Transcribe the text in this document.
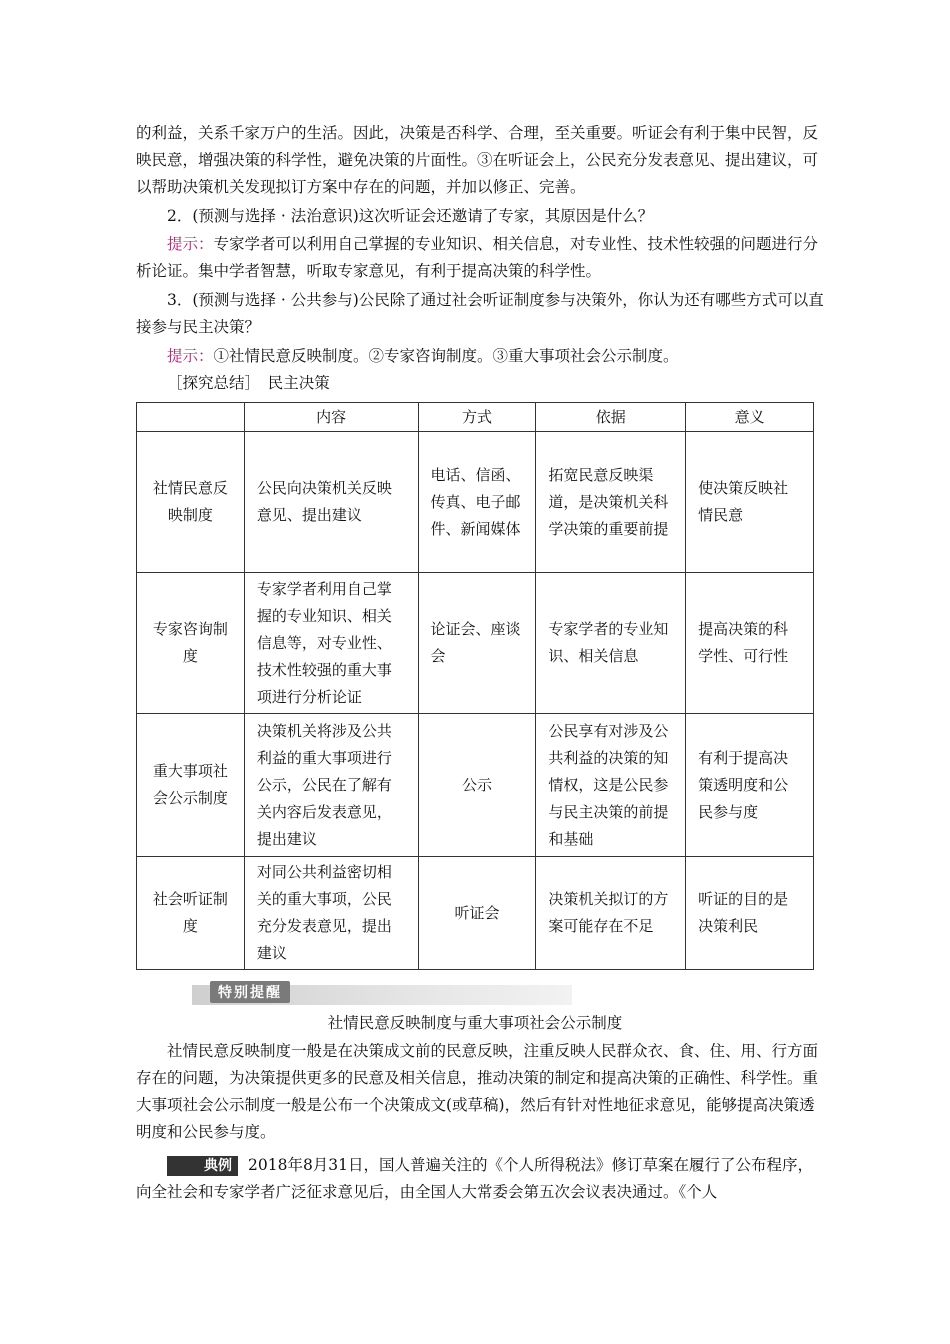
的利益，关系千家万户的生活。因此，决策是否科学、合理，至关重要。听证会有利于集中民智，反映民意，增强决策的科学性，避免决策的片面性。③在听证会上，公民充分发表意见、提出建议，可以帮助决策机关发现拟订方案中存在的问题，并加以修正、完善。

2．(预测与选择 · 法治意识)这次听证会还邀请了专家，其原因是什么？

提示：专家学者可以利用自己掌握的专业知识、相关信息，对专业性、技术性较强的问题进行分析论证。集中学者智慧，听取专家意见，有利于提高决策的科学性。

3．(预测与选择 · 公共参与)公民除了通过社会听证制度参与决策外，你认为还有哪些方式可以直接参与民主决策？

提示：①社情民意反映制度。②专家咨询制度。③重大事项社会公示制度。

［探究总结］　民主决策

	内容	方式	依据	意义
社情民意反映制度	公民向决策机关反映意见、提出建议	电话、信函、传真、电子邮件、新闻媒体	拓宽民意反映渠道，是决策机关科学决策的重要前提	使决策反映社情民意
专家咨询制度	专家学者利用自己掌握的专业知识、相关信息等，对专业性、技术性较强的重大事项进行分析论证	论证会、座谈会	专家学者的专业知识、相关信息	提高决策的科学性、可行性
重大事项社会公示制度	决策机关将涉及公共利益的重大事项进行公示，公民在了解有关内容后发表意见，提出建议	公示	公民享有对涉及公共利益的决策的知情权，这是公民参与民主决策的前提和基础	有利于提高决策透明度和公民参与度
社会听证制度	对同公共利益密切相关的重大事项，公民充分发表意见，提出建议	听证会	决策机关拟订的方案可能存在不足	听证的目的是决策利民
特别提醒
社情民意反映制度与重大事项社会公示制度

社情民意反映制度一般是在决策成文前的民意反映，注重反映人民群众衣、食、住、用、行方面存在的问题，为决策提供更多的民意及相关信息，推动决策的制定和提高决策的正确性、科学性。重大事项社会公示制度一般是公布一个决策成文(或草稿)，然后有针对性地征求意见，能够提高决策透明度和公民参与度。

典例 2018年8月31日，国人普遍关注的《个人所得税法》修订草案在履行了公布程序，向全社会和专家学者广泛征求意见后，由全国人大常委会第五次会议表决通过。《个人
